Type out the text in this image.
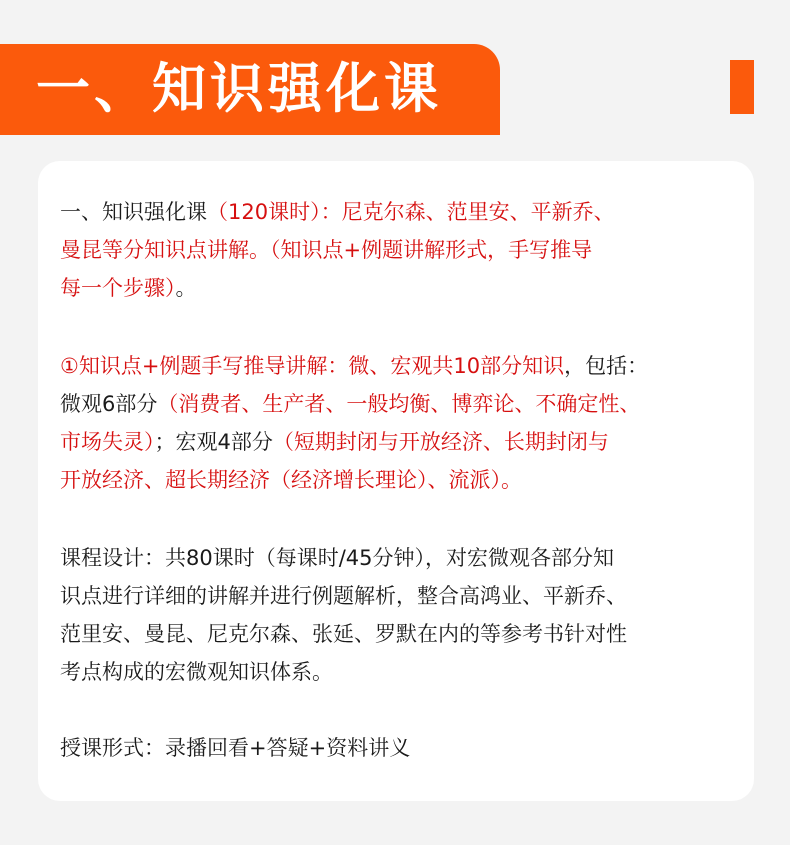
一、知识强化课
一、知识强化课（120课时）：尼克尔森、范里安、平新乔、
曼昆等分知识点讲解。（知识点+例题讲解形式，手写推导
每一个步骤）。
①知识点+例题手写推导讲解：微、宏观共10部分知识，包括：
微观6部分（消费者、生产者、一般均衡、博弈论、不确定性、
市场失灵）；宏观4部分（短期封闭与开放经济、长期封闭与
开放经济、超长期经济（经济增长理论）、流派）。
课程设计：共80课时（每课时/45分钟），对宏微观各部分知
识点进行详细的讲解并进行例题解析，整合高鸿业、平新乔、
范里安、曼昆、尼克尔森、张延、罗默在内的等参考书针对性
考点构成的宏微观知识体系。
授课形式：录播回看+答疑+资料讲义
